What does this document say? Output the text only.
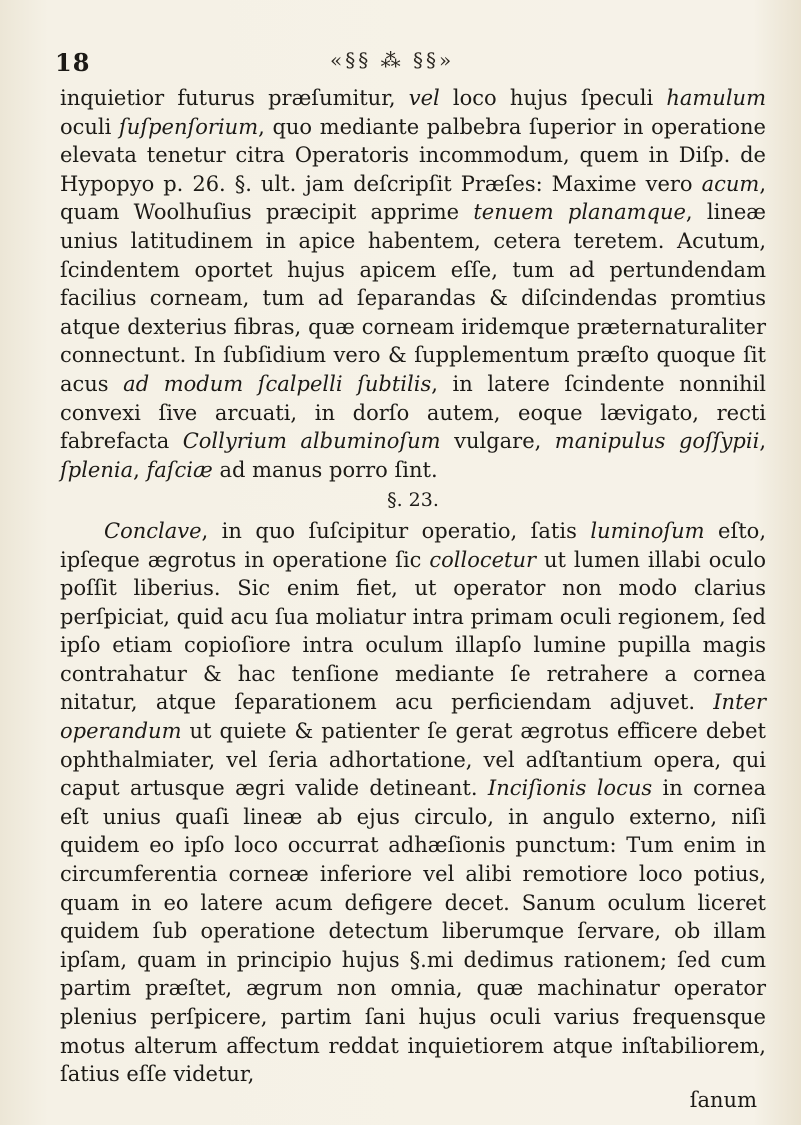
18	«§§ ⁂ §§»

inquietior futurus præſumitur, vel loco hujus ſpeculi hamulum oculi ſuſpenſorium, quo mediante palbebra ſuperior in operatione elevata tenetur citra Operatoris incommodum, quem in Diſp. de Hypopyo p. 26. §. ult. jam deſcripſit Præſes: Maxime vero acum, quam Woolhuſius præcipit apprime tenuem planamque, lineæ unius latitudinem in apice habentem, cetera teretem. Acutum, ſcindentem oportet hujus apicem eſſe, tum ad pertundendam facilius corneam, tum ad ſeparandas & diſcindendas promtius atque dexterius fibras, quæ corneam iridemque præternaturaliter connectunt. In ſubſidium vero & ſupplementum præſto quoque ſit acus ad modum ſcalpelli ſubtilis, in latere ſcindente nonnihil convexi ſive arcuati, in dorſo autem, eoque lævigato, recti fabrefacta Collyrium albuminoſum vulgare, manipulus goſſypii, ſplenia, faſciæ ad manus porro ſint.

§. 23.

Conclave, in quo ſuſcipitur operatio, ſatis luminoſum eſto, ipſeque ægrotus in operatione ſic collocetur ut lumen illabi oculo poſſit liberius. Sic enim fiet, ut operator non modo clarius perſpiciat, quid acu ſua moliatur intra primam oculi regionem, ſed ipſo etiam copioſiore intra oculum illapſo lumine pupilla magis contrahatur & hac tenſione mediante ſe retrahere a cornea nitatur, atque ſeparationem acu perficiendam adjuvet. Inter operandum ut quiete & patienter ſe gerat ægrotus efficere debet ophthalmiater, vel ſeria adhortatione, vel adſtantium opera, qui caput artusque ægri valide detineant. Inciſionis locus in cornea eſt unius quaſi lineæ ab ejus circulo, in angulo externo, niſi quidem eo ipſo loco occurrat adhæſionis punctum: Tum enim in circumferentia corneæ inferiore vel alibi remotiore loco potius, quam in eo latere acum defigere decet. Sanum oculum liceret quidem ſub operatione detectum liberumque ſervare, ob illam ipſam, quam in principio hujus §.mi dedimus rationem; ſed cum partim præſtet, ægrum non omnia, quæ machinatur operator plenius perſpicere, partim ſani hujus oculi varius frequensque motus alterum affectum reddat inquietiorem atque inſtabiliorem, ſatius eſſe videtur,

ſanum
